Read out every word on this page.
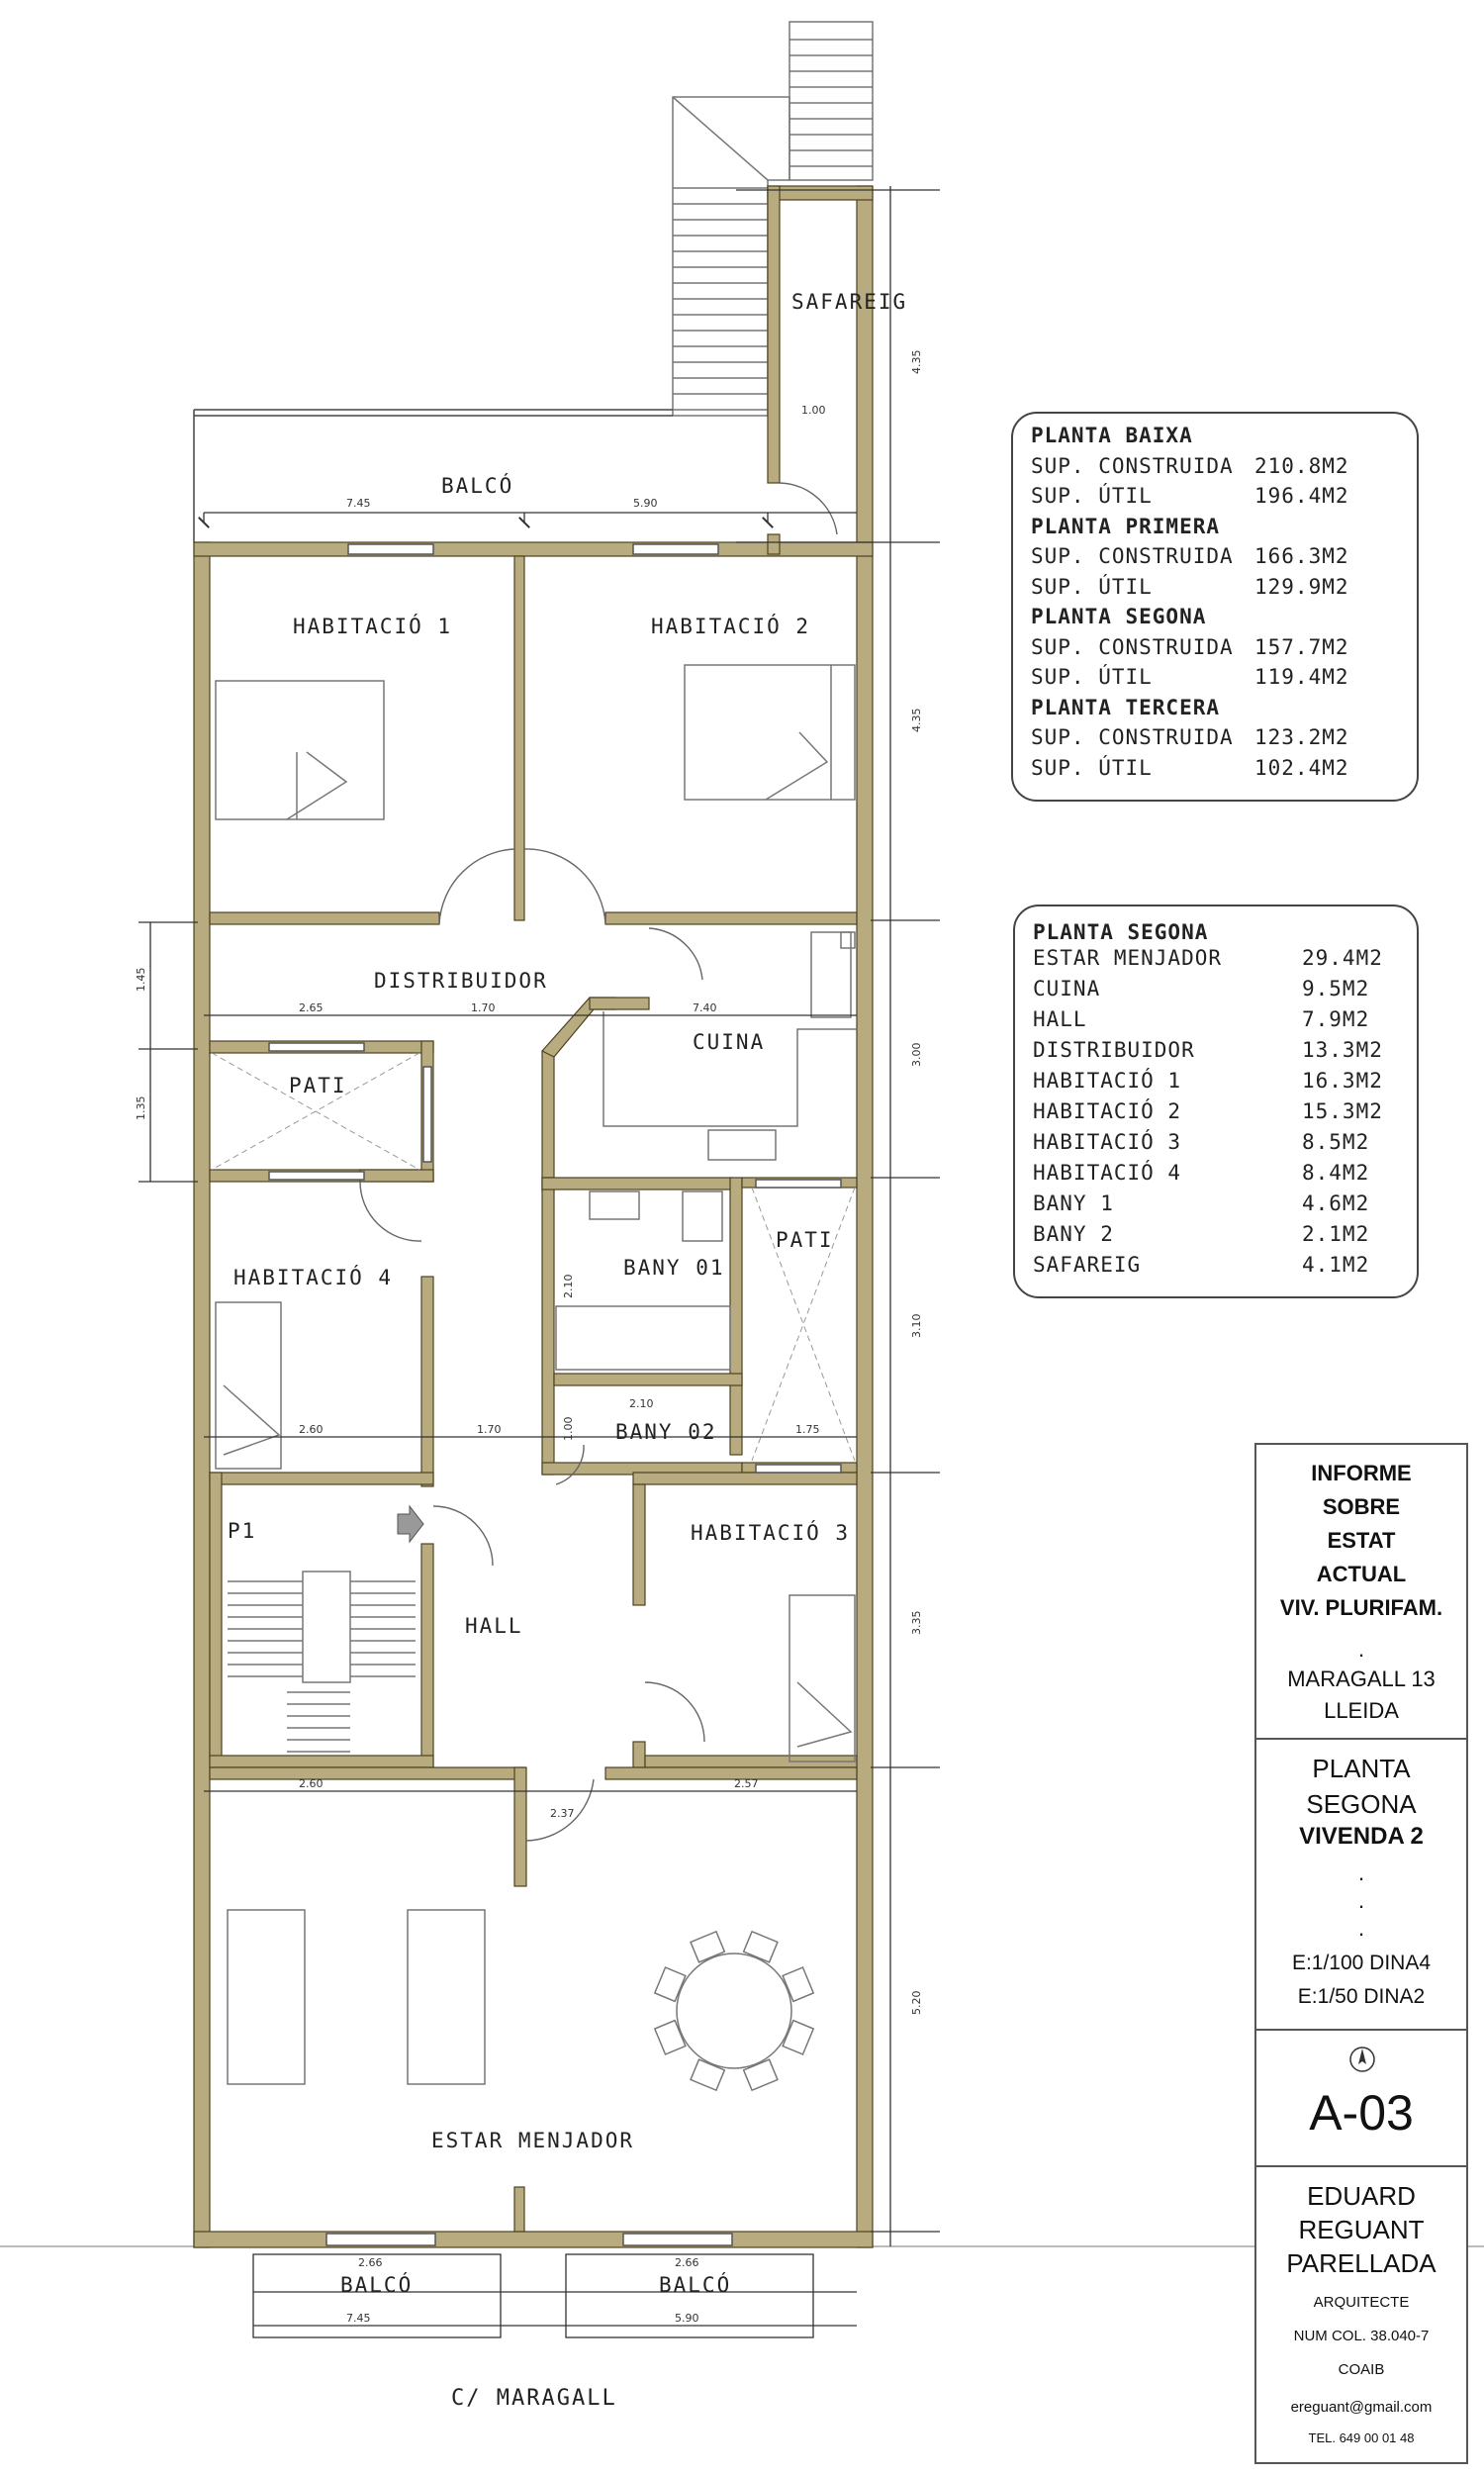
SAFAREIG
BALCÓ
HABITACIÓ 1	HABITACIÓ 2
DISTRIBUIDOR
CUINA
PATI
PATI
HABITACIÓ 4	BANY 01
BANY 02
HABITACIÓ 3
P1
HALL
ESTAR MENJADOR
BALCÓ	BALCÓ
C/ MARAGALL
1.00
7.45	5.90
2.65	1.70	7.40
2.60	1.70
2.10
1.75
2.60
2.37
2.57
2.66
7.45
2.66
5.90
4.35
4.35
1.45
1.35
3.00
3.10
3.35
5.20
2.10
1.00
PLANTA BAIXA
SUP. CONSTRUIDA 210.8M2
SUP. ÚTIL	196.4M2
PLANTA PRIMERA
SUP. CONSTRUIDA 166.3M2
SUP. ÚTIL	129.9M2
PLANTA SEGONA
SUP. CONSTRUIDA 157.7M2
SUP. ÚTIL	119.4M2
PLANTA TERCERA
SUP. CONSTRUIDA 123.2M2
SUP. ÚTIL	102.4M2
PLANTA SEGONA
ESTAR MENJADOR	29.4M2
CUINA	9.5M2
HALL	7.9M2
DISTRIBUIDOR	13.3M2
HABITACIÓ 1	16.3M2
HABITACIÓ 2	15.3M2
HABITACIÓ 3	8.5M2
HABITACIÓ 4	8.4M2
BANY 1	4.6M2
BANY 2	2.1M2
SAFAREIG	4.1M2
INFORME
SOBRE
ESTAT
ACTUAL
VIV. PLURIFAM.
.
MARAGALL 13
LLEIDA
PLANTA
SEGONA
VIVENDA 2
.
.
.
E:1/100 DINA4
E:1/50 DINA2
A-03
EDUARD
REGUANT
PARELLADA
ARQUITECTE
NUM COL. 38.040-7
COAIB
ereguant@gmail.com
TEL. 649 00 01 48
